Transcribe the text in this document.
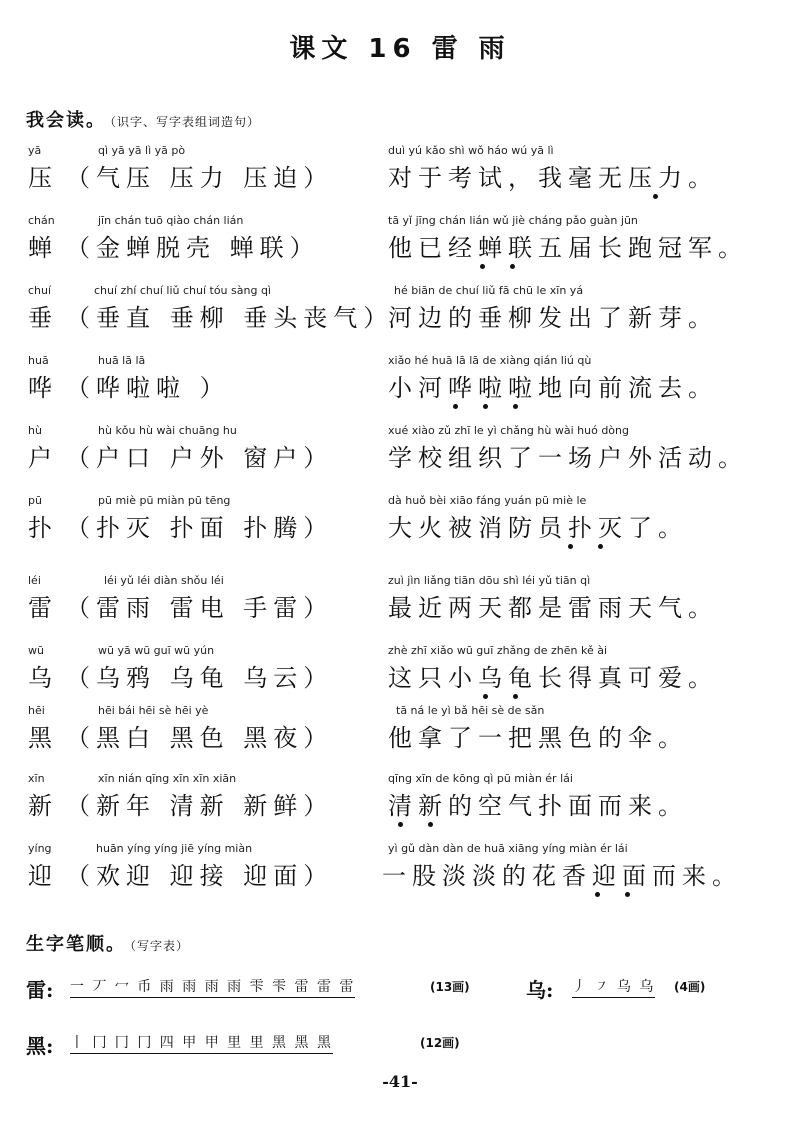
课文 16 雷 雨
我会读。 （识字、写字表组词造句）
yā
压
qì yā yā lì yā pò
（气压 压力 压迫）
duì yú kǎo shì wǒ háo wú yā lì
对于考试，我毫无压力。
chán
蝉
jīn chán tuō qiào chán lián
（金蝉脱壳 蝉联）
tā yǐ jīng chán lián wǔ jiè cháng pǎo guàn jūn
他已经蝉联五届长跑冠军。
chuí
垂
chuí zhí chuí liǔ chuí tóu sàng qì
（垂直 垂柳 垂头丧气）
hé biān de chuí liǔ fā chū le xīn yá
河边的垂柳发出了新芽。
huā
哗
huā lā lā
（哗啦啦 ）
xiǎo hé huā lā lā de xiàng qián liú qù
小河哗啦啦地向前流去。
hù
户
hù kǒu hù wài chuāng hu
（户口 户外 窗户）
xué xiào zǔ zhī le yì chǎng hù wài huó dòng
学校组织了一场户外活动。
pū
扑
pū miè pū miàn pū tēng
（扑灭 扑面 扑腾）
dà huǒ bèi xiāo fáng yuán pū miè le
大火被消防员扑灭了。
léi
雷
léi yǔ léi diàn shǒu léi
（雷雨 雷电 手雷）
zuì jìn liǎng tiān dōu shì léi yǔ tiān qì
最近两天都是雷雨天气。
wū
乌
wū yā wū guī wū yún
（乌鸦 乌龟 乌云）
zhè zhī xiǎo wū guī zhǎng de zhēn kě ài
这只小乌龟长得真可爱。
hēi
黑
hēi bái hēi sè hēi yè
（黑白 黑色 黑夜）
tā ná le yì bǎ hēi sè de sǎn
他拿了一把黑色的伞。
xīn
新
xīn nián qīng xīn xīn xiān
（新年 清新 新鲜）
qīng xīn de kōng qì pū miàn ér lái
清新的空气扑面而来。
yíng
迎
huān yíng yíng jiē yíng miàn
（欢迎 迎接 迎面）
yì gǔ dàn dàn de huā xiāng yíng miàn ér lái
一股淡淡的花香迎面而来。
生字笔顺。 （写字表）
雷: 一 丆 冖 币 雨 雨 雨 雨 雫 雫 雷 雷 雷	(13画)	乌: 丿 ㇇ 乌 乌 (4画)
黑: 丨 冂 冂 冂 四 甲 甲 里 里 黑 黑 黑	(12画)
-41-
